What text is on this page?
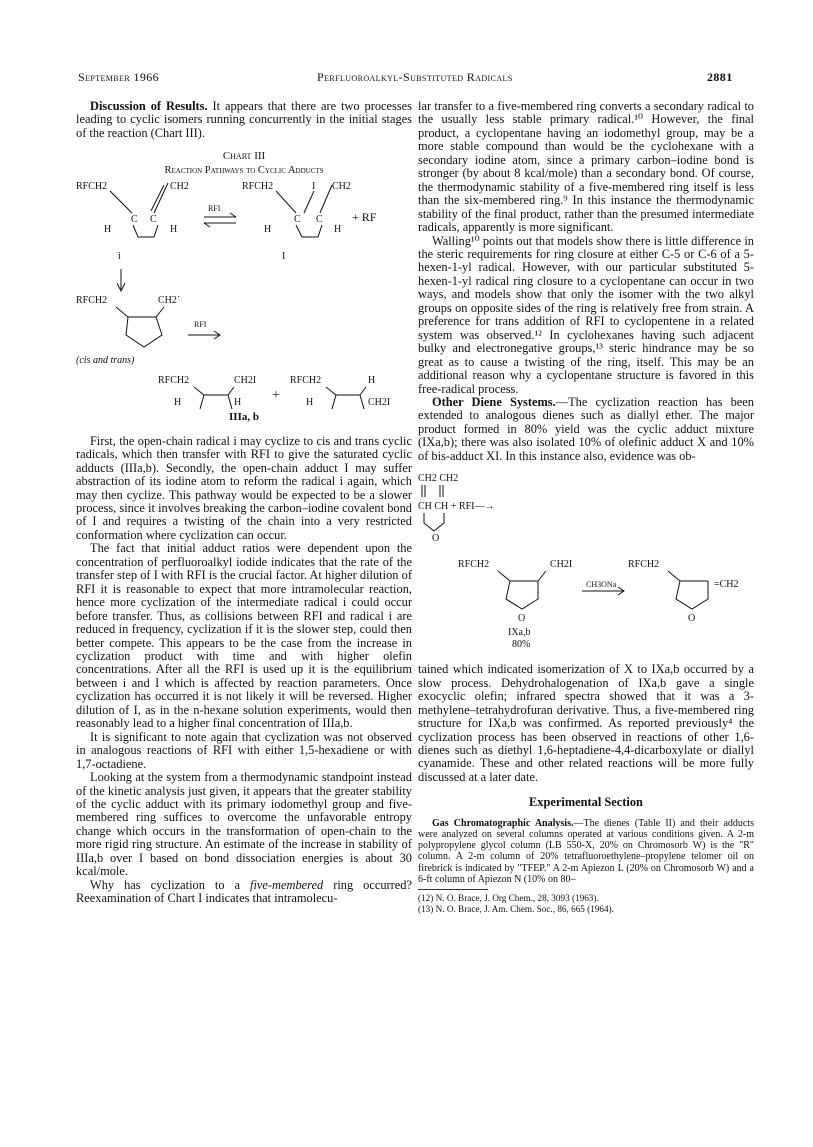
September 1966	Perfluoroalkyl-Substituted Radicals	2881

Discussion of Results. It appears that there are two processes leading to cyclic isomers running concurrently in the initial stages of the reaction (Chart III).

Chart III
Reaction Pathways to Cyclic Adducts
RFCH2	CH2
C C
H	H
i
RFI
RFCH2	I CH2
C C
H	H
+ RF
I
RFCH2	CH2˙
RFI
(cis and trans)
RFCH2	CH2I
H	H +
RFCH2	H
H	CH2I
IIIa, b

First, the open-chain radical i may cyclize to cis and trans cyclic radicals, which then transfer with RFI to give the saturated cyclic adducts (IIIa,b). Secondly, the open-chain adduct I may suffer abstraction of its iodine atom to reform the radical i again, which may then cyclize. This pathway would be expected to be a slower process, since it involves breaking the carbon–iodine covalent bond of I and requires a twisting of the chain into a very restricted conformation where cyclization can occur.

The fact that initial adduct ratios were dependent upon the concentration of perfluoroalkyl iodide indicates that the rate of the transfer step of I with RFI is the crucial factor. At higher dilution of RFI it is reasonable to expect that more intramolecular reaction, hence more cyclization of the intermediate radical i could occur before transfer. Thus, as collisions between RFI and radical i are reduced in frequency, cyclization if it is the slower step, could then better compete. This appears to be the case from the increase in cyclization product with time and with higher olefin concentrations. After all the RFI is used up it is the equilibrium between i and I which is affected by reaction parameters. Once cyclization has occurred it is not likely it will be reversed. Higher dilution of I, as in the n-hexane solution experiments, would then reasonably lead to a higher final concentration of IIIa,b.

It is significant to note again that cyclization was not observed in analogous reactions of RFI with either 1,5-hexadiene or with 1,7-octadiene.

Looking at the system from a thermodynamic standpoint instead of the kinetic analysis just given, it appears that the greater stability of the cyclic adduct with its primary iodomethyl group and five-membered ring suffices to overcome the unfavorable entropy change which occurs in the transformation of open-chain to the more rigid ring structure. An estimate of the increase in stability of IIIa,b over I based on bond dissociation energies is about 30 kcal/mole.

Why has cyclization to a five-membered ring occurred? Reexamination of Chart I indicates that intramolecu-

lar transfer to a five-membered ring converts a secondary radical to the usually less stable primary radical.¹⁰ However, the final product, a cyclopentane having an iodomethyl group, may be a more stable compound than would be the cyclohexane with a secondary iodine atom, since a primary carbon–iodine bond is stronger (by about 8 kcal/mole) than a secondary bond. Of course, the thermodynamic stability of a five-membered ring itself is less than the six-membered ring.⁹ In this instance the thermodynamic stability of the final product, rather than the presumed intermediate radicals, apparently is more significant.

Walling¹⁰ points out that models show there is little difference in the steric requirements for ring closure at either C-5 or C-6 of a 5-hexen-1-yl radical. However, with our particular substituted 5-hexen-1-yl radical ring closure to a cyclopentane can occur in two ways, and models show that only the isomer with the two alkyl groups on opposite sides of the ring is relatively free from strain. A preference for trans addition of RFI to cyclopentene in a related system was observed.¹² In cyclohexanes having such adjacent bulky and electronegative groups,¹³ steric hindrance may be so great as to cause a twisting of the ring, itself. This may be an additional reason why a cyclopentane structure is favored in this free-radical process.

Other Diene Systems.—The cyclization reaction has been extended to analogous dienes such as diallyl ether. The major product formed in 80% yield was the cyclic adduct mixture (IXa,b); there was also isolated 10% of olefinic adduct X and 10% of bis-adduct XI. In this instance also, evidence was ob-

CH2 CH2
CH CH + RFI—→
O
RFCH2	CH2I
O
IXa,b
80%
CH3ONa
RFCH2
=CH2
O

tained which indicated isomerization of X to IXa,b occurred by a slow process. Dehydrohalogenation of IXa,b gave a single exocyclic olefin; infrared spectra showed that it was a 3-methylene–tetrahydrofuran derivative. Thus, a five-membered ring structure for IXa,b was confirmed. As reported previously⁴ the cyclization process has been observed in reactions of other 1,6-dienes such as diethyl 1,6-heptadiene-4,4-dicarboxylate or diallyl cyanamide. These and other related reactions will be more fully discussed at a later date.

Experimental Section

Gas Chromatographic Analysis.—The dienes (Table II) and their adducts were analyzed on several columns operated at various conditions given. A 2-m polypropylene glycol column (LB 550-X, 20% on Chromosorb W) is the "R" column. A 2-m column of 20% tetrafluoroethylene–propylene telomer oil on firebrick is indicated by "TFEP." A 2-m Apiezon L (20% on Chromosorb W) and a 6-ft column of Apiezon N (10% on 80–

(12) N. O. Brace, J. Org Chem., 28, 3093 (1963).
(13) N. O. Brace, J. Am. Chem. Soc., 86, 665 (1964).
